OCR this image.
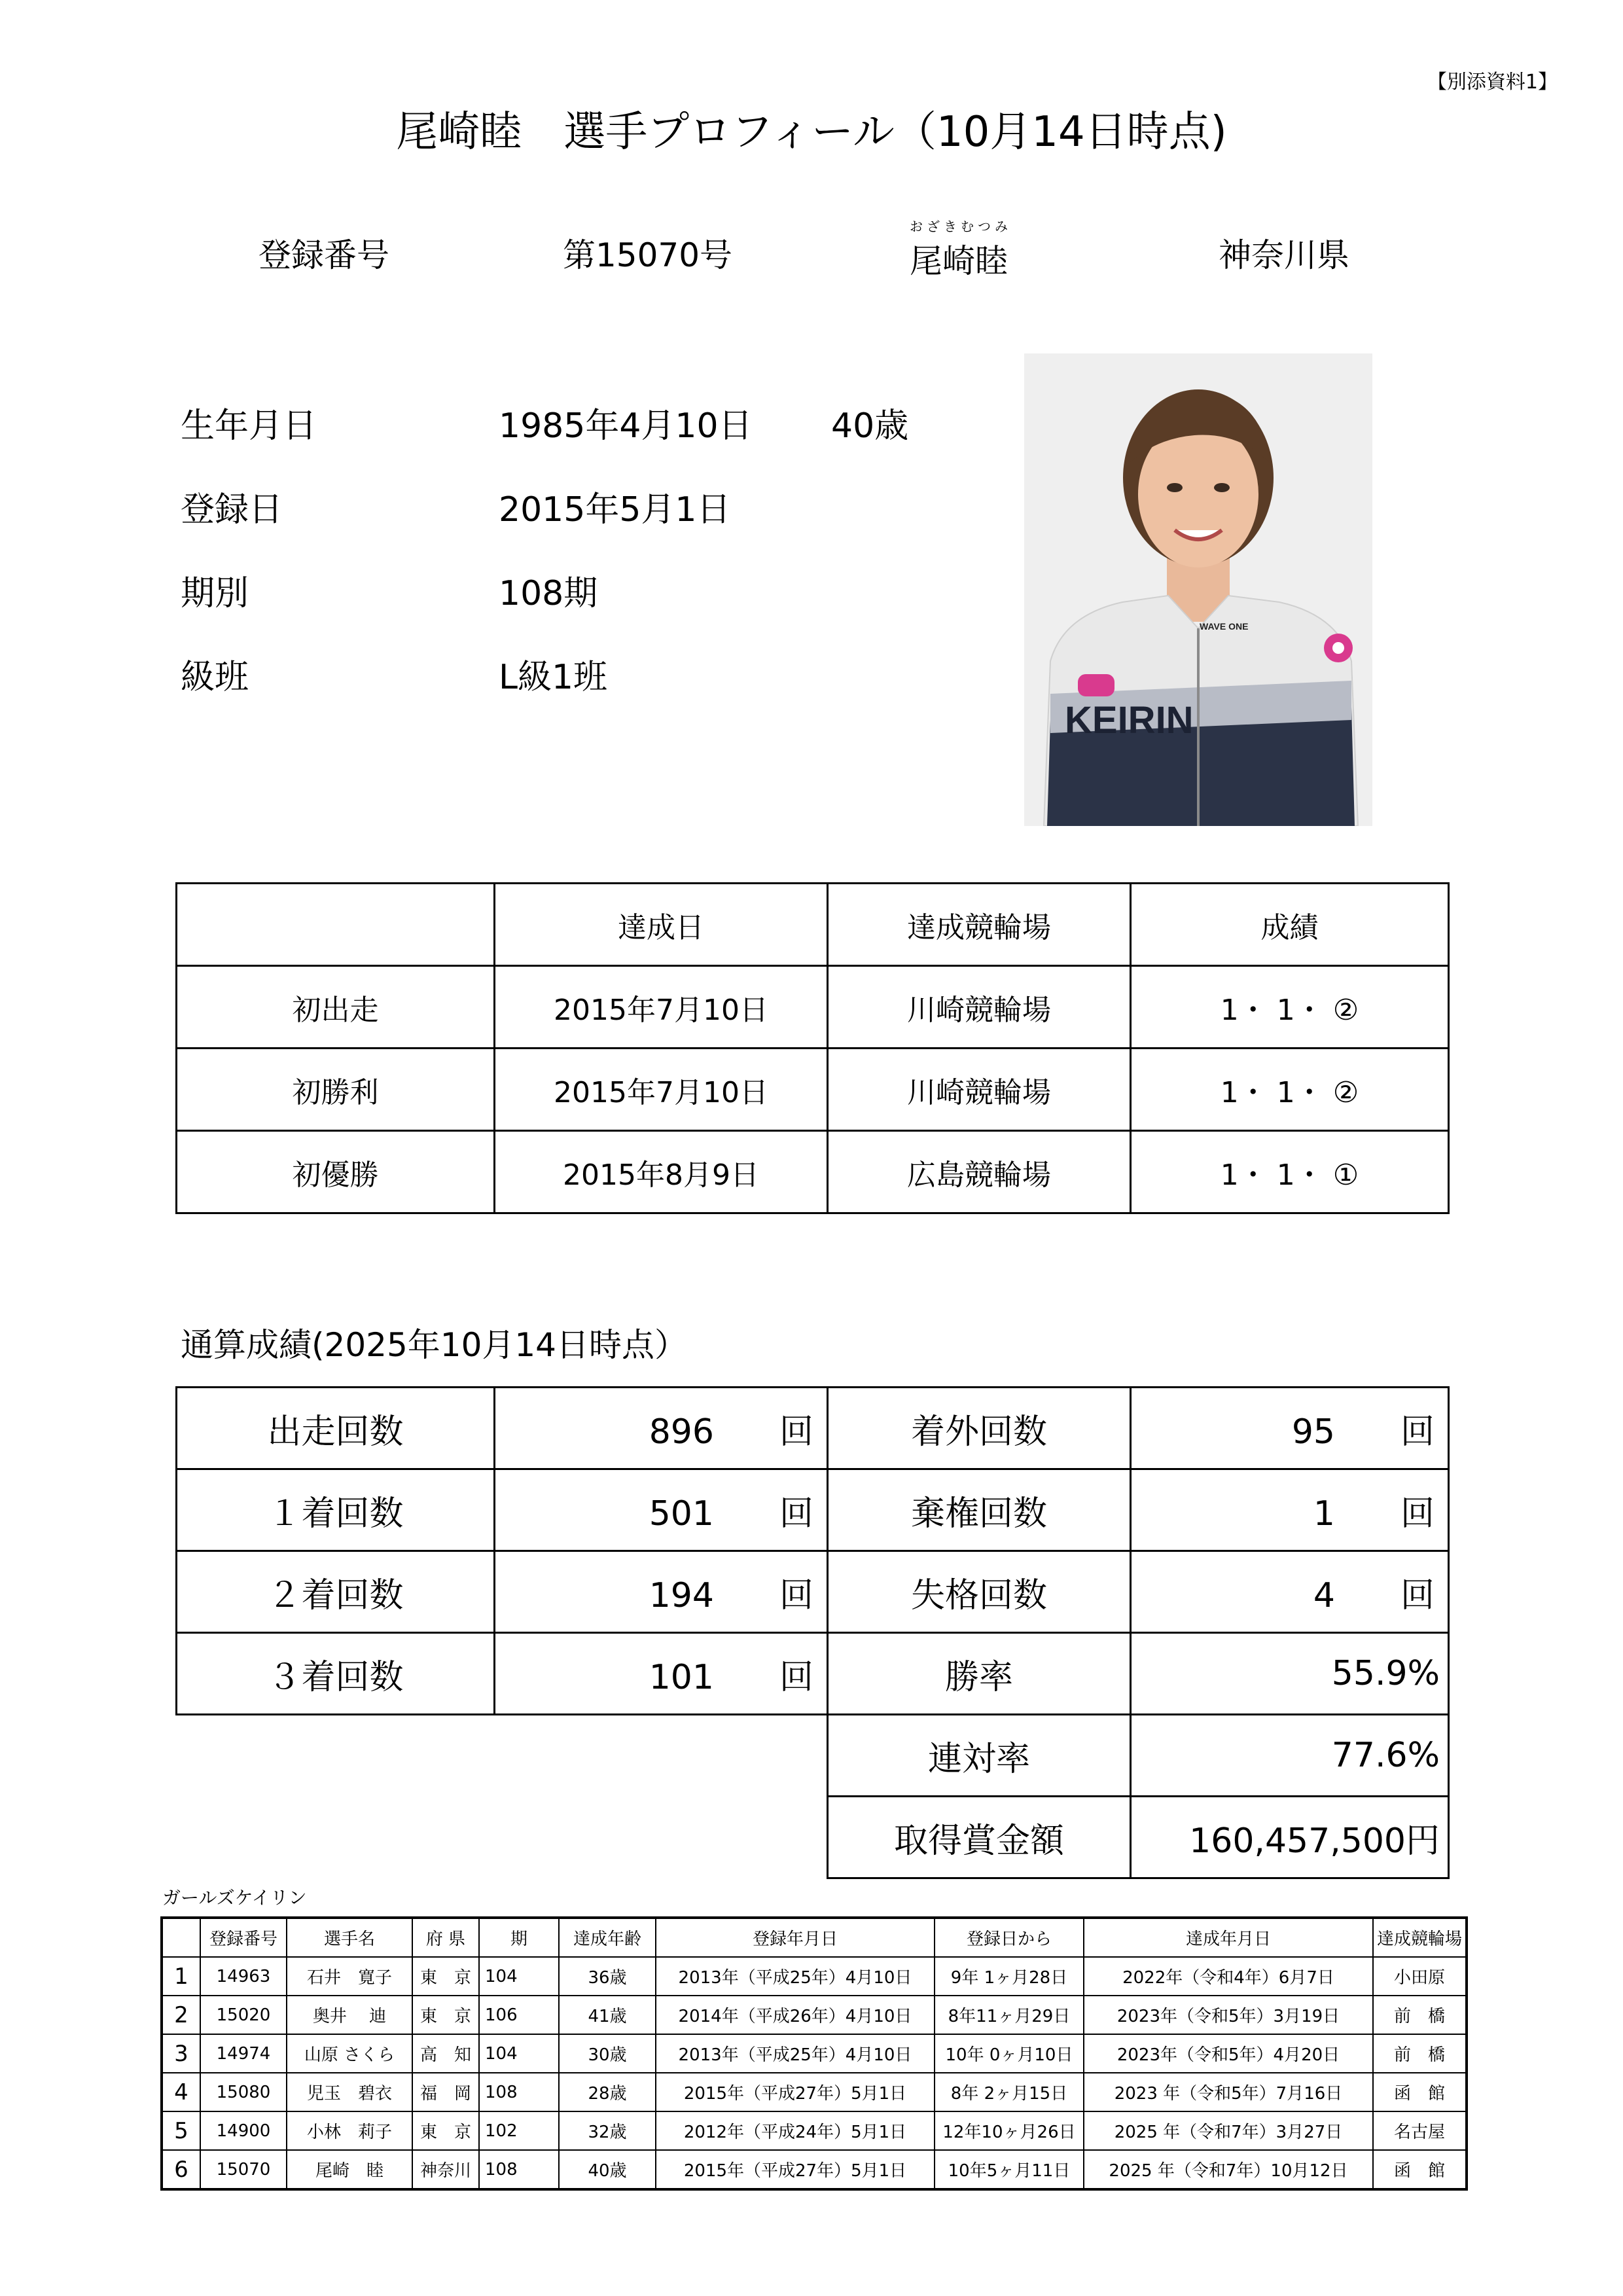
【別添資料1】
尾崎睦　選手プロフィール（10月14日時点)
登録番号	第15070号
おざきむつみ
尾崎睦	神奈川県
生年月日	1985年4月10日 40歳
登録日	2015年5月1日
期別	108期
級班	L級1班
KEIRIN
WAVE ONE
	達成日	達成競輪場	成績
初出走	2015年7月10日	川崎競輪場	1・ 1・ ②
初勝利	2015年7月10日	川崎競輪場	1・ 1・ ②
初優勝	2015年8月9日	広島競輪場	1・ 1・ ①
通算成績(2025年10月14日時点）
出走回数	896 回	着外回数	95 回
１着回数	501 回	棄権回数	1 回
２着回数	194 回	失格回数	4 回
３着回数	101 回	勝率	55.9%
		連対率	77.6%
		取得賞金額	160,457,500円
ガールズケイリン
	登録番号	選手名	府 県	期	達成年齢	登録年月日	登録日から	達成年月日	達成競輪場
1	14963	石井　寛子	東　京	104	36歳	2013年（平成25年）4月10日	9年 1ヶ月28日	2022年（令和4年）6月7日	小田原
2	15020	奥井　 迪	東　京	106	41歳	2014年（平成26年）4月10日	8年11ヶ月29日	2023年（令和5年）3月19日	前　橋
3	14974	山原 さくら	高　知	104	30歳	2013年（平成25年）4月10日	10年 0ヶ月10日	2023年（令和5年）4月20日	前　橋
4	15080	児玉　碧衣	福　岡	108	28歳	2015年（平成27年）5月1日	8年 2ヶ月15日	2023 年（令和5年）7月16日	函　館
5	14900	小林　莉子	東　京	102	32歳	2012年（平成24年）5月1日	12年10ヶ月26日	2025 年（令和7年）3月27日	名古屋
6	15070	尾崎　睦	神奈川	108	40歳	2015年（平成27年）5月1日	10年5ヶ月11日	2025 年（令和7年）10月12日	函　館
